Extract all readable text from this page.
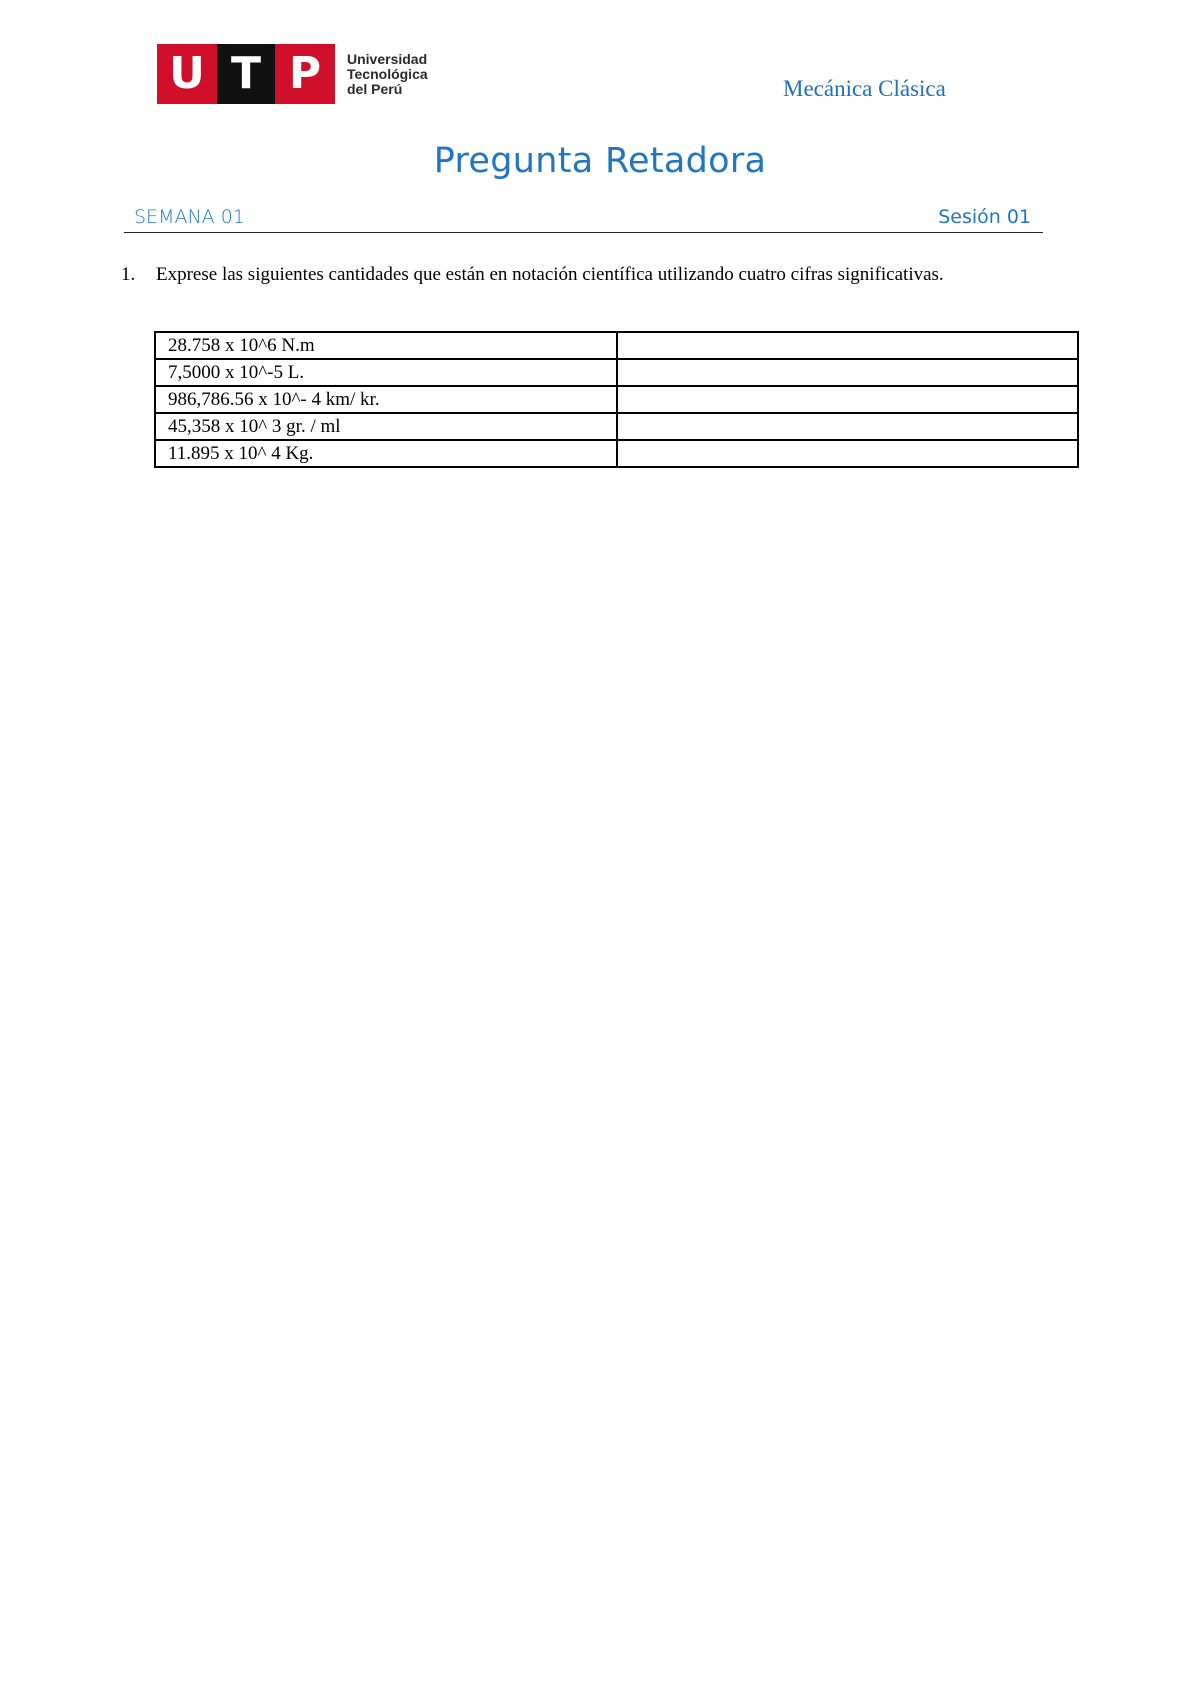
U T P	Universidad
Tecnológica
del Perú	Mecánica Clásica
Pregunta Retadora
SEMANA 01	Sesión 01
1. Exprese las siguientes cantidades que están en notación científica utilizando cuatro cifras significativas.
28.758 x 10^6 N.m	
7,5000 x 10^-5 L.	
986,786.56 x 10^- 4 km/ kr.	
45,358 x 10^ 3 gr. / ml	
11.895 x 10^ 4 Kg.	
